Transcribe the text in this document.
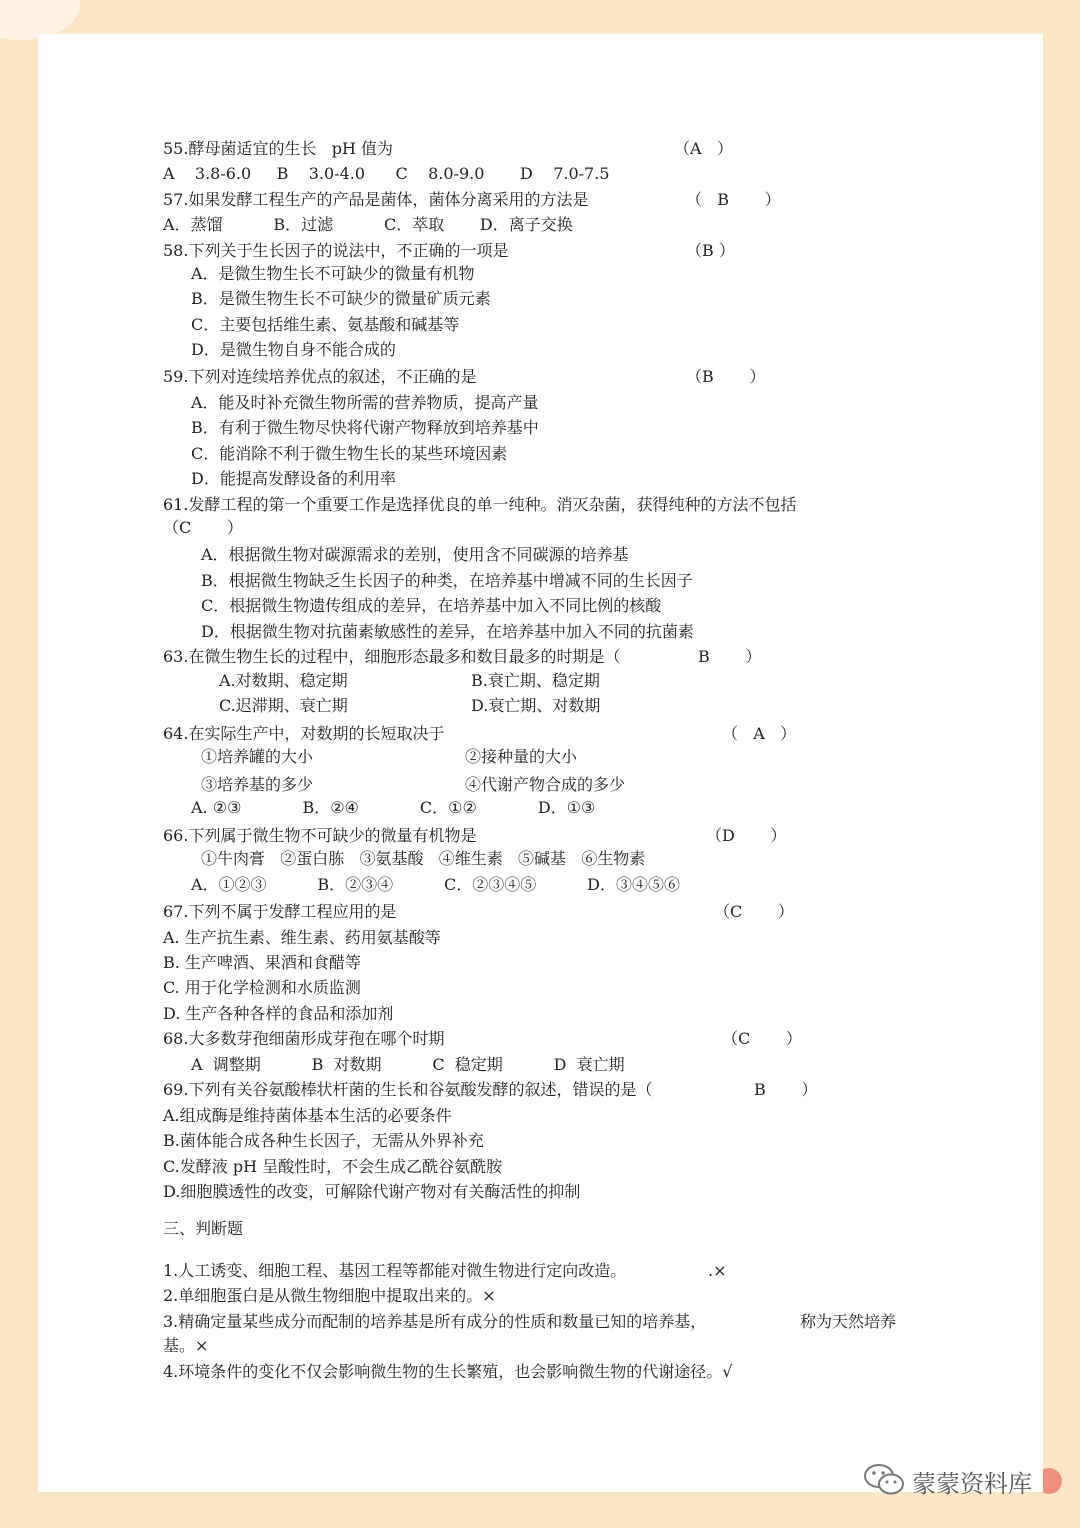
55.酵母菌适宜的生长   pH 值为	（A   ）
A    3.8-6.0     B    3.0-4.0      C    8.0-9.0       D    7.0-7.5
57.如果发酵工程生产的产品是菌体，菌体分离采用的方法是	（   B       ）
A．蒸馏          B．过滤          C．萃取       D．离子交换
58.下列关于生长因子的说法中，不正确的一项是	（B ）
A．是微生物生长不可缺少的微量有机物
B．是微生物生长不可缺少的微量矿质元素
C．主要包括维生素、氨基酸和碱基等
D．是微生物自身不能合成的
59.下列对连续培养优点的叙述，不正确的是	（B       ）
A．能及时补充微生物所需的营养物质，提高产量
B．有利于微生物尽快将代谢产物释放到培养基中
C．能消除不利于微生物生长的某些环境因素
D．能提高发酵设备的利用率
61.发酵工程的第一个重要工作是选择优良的单一纯种。消灭杂菌，获得纯种的方法不包括
（C       ）
A．根据微生物对碳源需求的差别，使用含不同碳源的培养基
B．根据微生物缺乏生长因子的种类，在培养基中增减不同的生长因子
C．根据微生物遗传组成的差异，在培养基中加入不同比例的核酸
D．根据微生物对抗菌素敏感性的差异，在培养基中加入不同的抗菌素
63.在微生物生长的过程中，细胞形态最多和数目最多的时期是（	B       ）
A.对数期、稳定期	B.衰亡期、稳定期
C.迟滞期、衰亡期	D.衰亡期、对数期
64.在实际生产中，对数期的长短取决于	（   A   ）
①培养罐的大小	②接种量的大小
③培养基的多少	④代谢产物合成的多少
A. ②③            B．②④            C．①②            D．①③
66.下列属于微生物不可缺少的微量有机物是	（D       ）
①牛肉膏   ②蛋白胨   ③氨基酸   ④维生素   ⑤碱基   ⑥生物素
A．①②③          B．②③④          C．②③④⑤          D．③④⑤⑥
67.下列不属于发酵工程应用的是	（C       ）
A. 生产抗生素、维生素、药用氨基酸等
B. 生产啤酒、果酒和食醋等
C. 用于化学检测和水质监测
D. 生产各种各样的食品和添加剂
68.大多数芽孢细菌形成芽孢在哪个时期	（C       ）
A  调整期          B  对数期          C  稳定期          D  衰亡期
69.下列有关谷氨酸棒状杆菌的生长和谷氨酸发酵的叙述，错误的是（	B       ）
A.组成酶是维持菌体基本生活的必要条件
B.菌体能合成各种生长因子，无需从外界补充
C.发酵液 pH 呈酸性时，不会生成乙酰谷氨酰胺
D.细胞膜透性的改变，可解除代谢产物对有关酶活性的抑制
三、判断题
1.人工诱变、细胞工程、基因工程等都能对微生物进行定向改造。	.×
2.单细胞蛋白是从微生物细胞中提取出来的。×
3.精确定量某些成分而配制的培养基是所有成分的性质和数量已知的培养基，	称为天然培养
基。×
4.环境条件的变化不仅会影响微生物的生长繁殖，也会影响微生物的代谢途径。√
蒙蒙资料库
